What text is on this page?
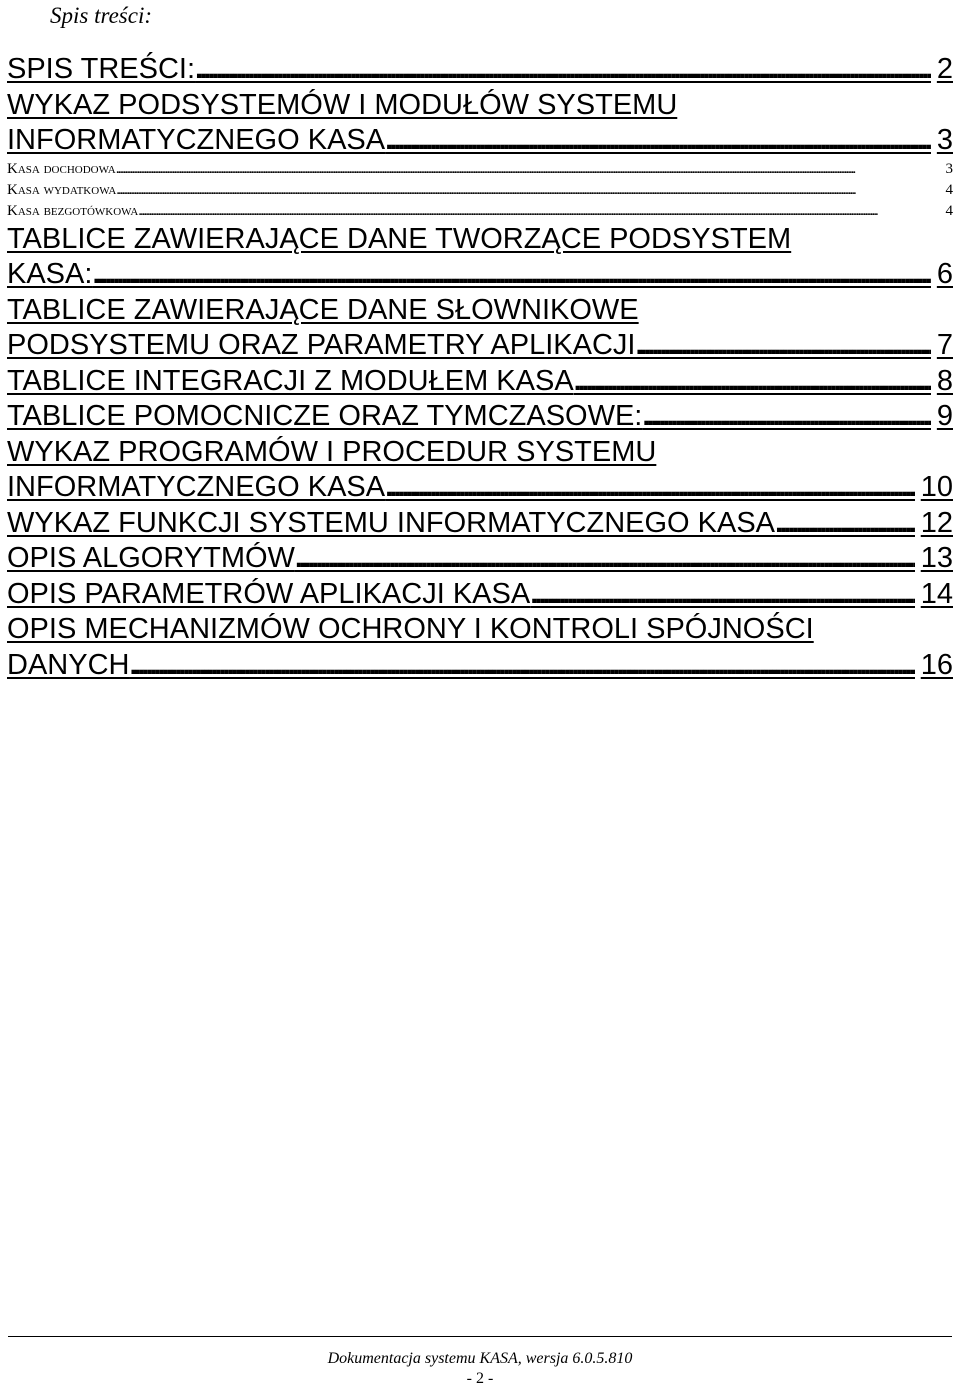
Spis treści:
SPIS TREŚCI: .....	2
WYKAZ PODSYSTEMÓW I MODUŁÓW SYSTEMU
INFORMATYCZNEGO KASA .....	3
Kasa dochodowa .....	3
Kasa wydatkowa .....	4
Kasa bezgotówkowa .....	4
TABLICE ZAWIERAJĄCE DANE TWORZĄCE PODSYSTEM
KASA: .....	6
TABLICE ZAWIERAJĄCE DANE SŁOWNIKOWE
PODSYSTEMU ORAZ PARAMETRY APLIKACJI .....	7
TABLICE INTEGRACJI Z MODUŁEM KASA .....	8
TABLICE POMOCNICZE ORAZ TYMCZASOWE: .....	9
WYKAZ PROGRAMÓW I PROCEDUR SYSTEMU
INFORMATYCZNEGO KASA .....	10
WYKAZ FUNKCJI SYSTEMU INFORMATYCZNEGO KASA .....	12
OPIS ALGORYTMÓW .....	13
OPIS PARAMETRÓW APLIKACJI KASA .....	14
OPIS MECHANIZMÓW OCHRONY I KONTROLI SPÓJNOŚCI
DANYCH .....	16
Dokumentacja systemu KASA, wersja 6.0.5.810
- 2 -
